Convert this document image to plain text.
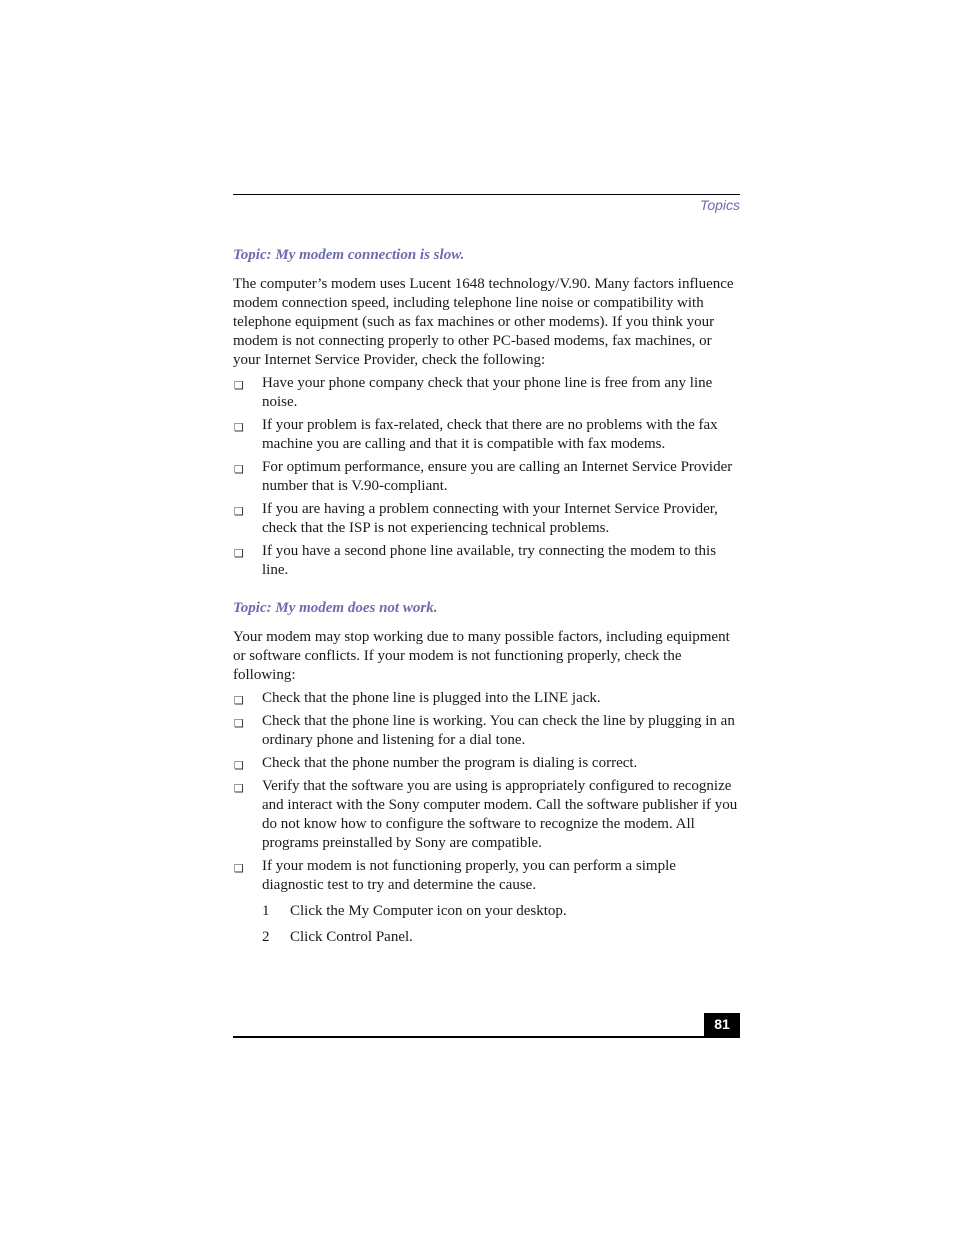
Topics
Topic: My modem connection is slow.

The computer’s modem uses Lucent 1648 technology/V.90. Many factors influence modem connection speed, including telephone line noise or compatibility with telephone equipment (such as fax machines or other modems). If you think your modem is not connecting properly to other PC-based modems, fax machines, or your Internet Service Provider, check the following:

❑ Have your phone company check that your phone line is free from any line noise.
❑ If your problem is fax-related, check that there are no problems with the fax machine you are calling and that it is compatible with fax modems.
❑ For optimum performance, ensure you are calling an Internet Service Provider number that is V.90-compliant.
❑ If you are having a problem connecting with your Internet Service Provider, check that the ISP is not experiencing technical problems.
❑ If you have a second phone line available, try connecting the modem to this line.
Topic: My modem does not work.

Your modem may stop working due to many possible factors, including equipment or software conflicts. If your modem is not functioning properly, check the following:

❑ Check that the phone line is plugged into the LINE jack.
❑ Check that the phone line is working. You can check the line by plugging in an ordinary phone and listening for a dial tone.
❑ Check that the phone number the program is dialing is correct.
❑ Verify that the software you are using is appropriately configured to recognize and interact with the Sony computer modem. Call the software publisher if you do not know how to configure the software to recognize the modem. All programs preinstalled by Sony are compatible.
❑ If your modem is not functioning properly, you can perform a simple diagnostic test to try and determine the cause.
1 Click the My Computer icon on your desktop.
2 Click Control Panel.
81
